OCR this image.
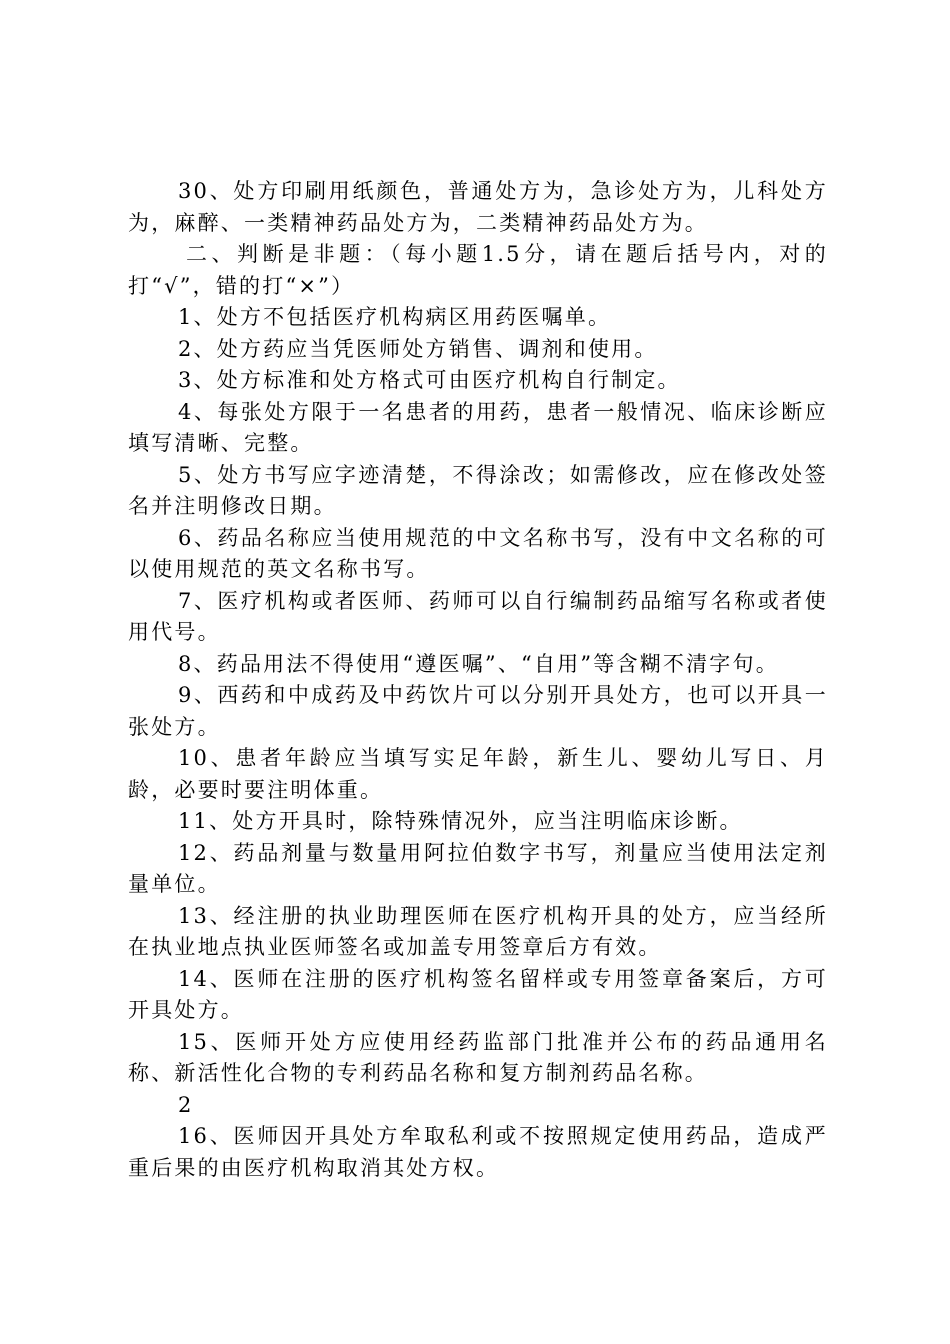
30、处方印刷用纸颜色，普通处方为，急诊处方为，儿科处方为，麻醉、一类精神药品处方为，二类精神药品处方为。

二、判断是非题：（每小题1.5分，请在题后括号内，对的打“√”，错的打“×”）

1、处方不包括医疗机构病区用药医嘱单。

2、处方药应当凭医师处方销售、调剂和使用。

3、处方标准和处方格式可由医疗机构自行制定。

4、每张处方限于一名患者的用药，患者一般情况、临床诊断应填写清晰、完整。

5、处方书写应字迹清楚，不得涂改；如需修改，应在修改处签名并注明修改日期。

6、药品名称应当使用规范的中文名称书写，没有中文名称的可以使用规范的英文名称书写。

7、医疗机构或者医师、药师可以自行编制药品缩写名称或者使用代号。

8、药品用法不得使用“遵医嘱”、“自用”等含糊不清字句。

9、西药和中成药及中药饮片可以分别开具处方，也可以开具一张处方。

10、患者年龄应当填写实足年龄，新生儿、婴幼儿写日、月龄，必要时要注明体重。

11、处方开具时，除特殊情况外，应当注明临床诊断。

12、药品剂量与数量用阿拉伯数字书写，剂量应当使用法定剂量单位。

13、经注册的执业助理医师在医疗机构开具的处方，应当经所在执业地点执业医师签名或加盖专用签章后方有效。

14、医师在注册的医疗机构签名留样或专用签章备案后，方可开具处方。

15、医师开处方应使用经药监部门批准并公布的药品通用名称、新活性化合物的专利药品名称和复方制剂药品名称。

2

16、医师因开具处方牟取私利或不按照规定使用药品，造成严重后果的由医疗机构取消其处方权。
